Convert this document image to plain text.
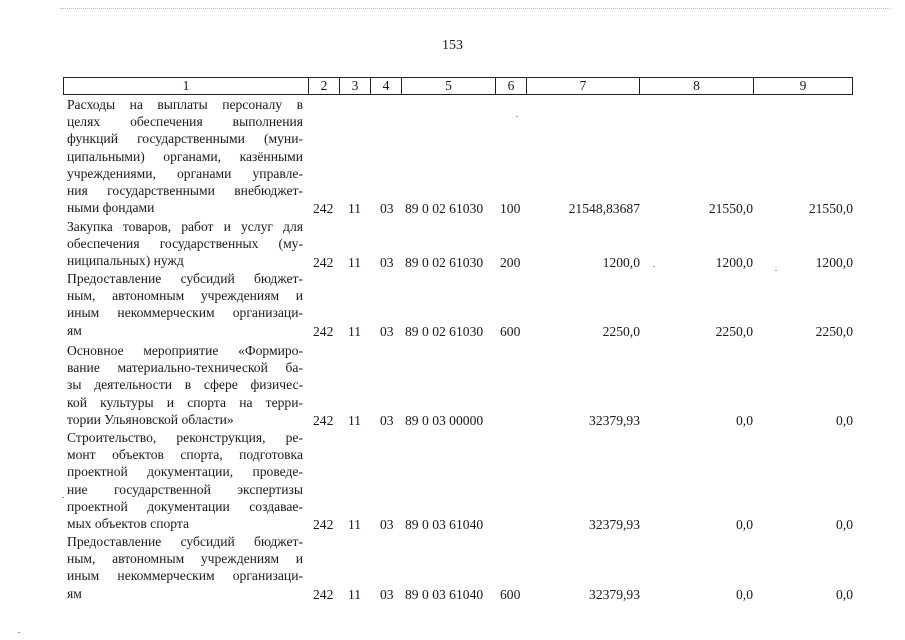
153
1	2	3	4	5	6	7	8	9
Расходы на выплаты персоналу в
целях обеспечения выполнения
функций государственными (муни-
ципальными) органами, казёнными
учреждениями, органами управле-
ния государственными внебюджет-
ными фондами	242 11 03 89 0 02 61030 100	21548,83687	21550,0	21550,0
Закупка товаров, работ и услуг для
обеспечения государственных (му-
ниципальных) нужд	242 11 03 89 0 02 61030 200	1200,0	1200,0	1200,0
Предоставление субсидий бюджет-
ным, автономным учреждениям и
иным некоммерческим организаци-
ям	242 11 03 89 0 02 61030 600	2250,0	2250,0	2250,0
Основное мероприятие «Формиро-
вание материально-технической ба-
зы деятельности в сфере физичес-
кой культуры и спорта на терри-
тории Ульяновской области»	242 11 03 89 0 03 00000	32379,93	0,0	0,0
Строительство, реконструкция, ре-
монт объектов спорта, подготовка
проектной документации, проведе-
ние государственной экспертизы
проектной документации создавае-
мых объектов спорта	242 11 03 89 0 03 61040	32379,93	0,0	0,0
Предоставление субсидий бюджет-
ным, автономным учреждениям и
иным некоммерческим организаци-
ям	242 11 03 89 0 03 61040 600	32379,93	0,0	0,0
